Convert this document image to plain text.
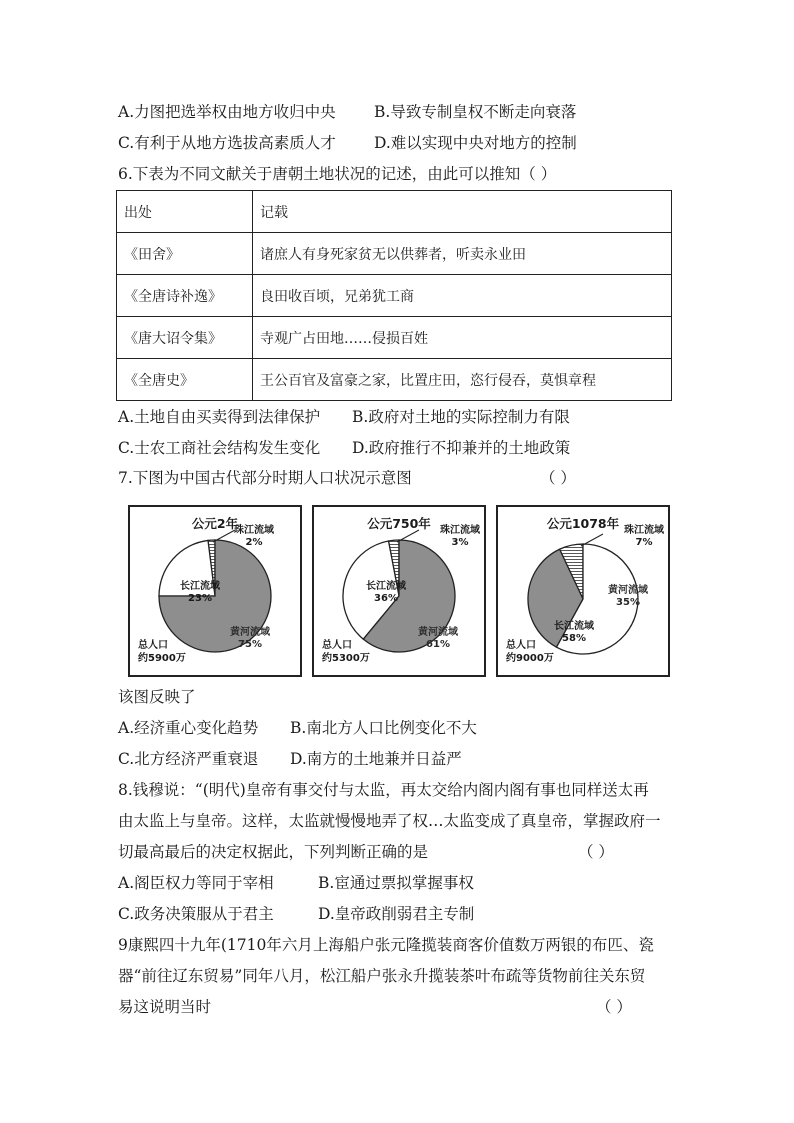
A.力图把选举权由地方收归中央 B.导致专制皇权不断走向衰落
C.有利于从地方选拔高素质人才 D.难以实现中央对地方的控制
6.下表为不同文献关于唐朝土地状况的记述，由此可以推知（ ）
出处	记载
《田舍》	诸庶人有身死家贫无以供葬者，听卖永业田
《全唐诗补逸》	良田收百顷，兄弟犹工商
《唐大诏令集》	寺观广占田地……侵损百姓
《全唐史》	王公百官及富豪之家，比置庄田，恣行侵吞，莫惧章程
A.土地自由买卖得到法律保护 B.政府对土地的实际控制力有限
C.士农工商社会结构发生变化 D.政府推行不抑兼并的土地政策
7.下图为中国古代部分时期人口状况示意图	（ ）
公元2年
总人口
约5900万
珠江流域
2%
长江流域
23%
黄河流域
75%
公元750年
总人口
约5300万
珠江流域
3%
长江流域
36%
黄河流域
61%
公元1078年
总人口
约9000万
珠江流域
7%
黄河流域
35%
长江流域
58%
该图反映了
A.经济重心变化趋势 B.南北方人口比例变化不大
C.北方经济严重衰退 D.南方的土地兼并日益严
8.钱穆说：“(明代)皇帝有事交付与太监，再太交给内阁内阁有事也同样送太再
由太监上与皇帝。这样，太监就慢慢地弄了权…太监变成了真皇帝，掌握政府一
切最高最后的决定权据此，下列判断正确的是	（ ）
A.阁臣权力等同于宰相	B.宦通过票拟掌握事权
C.政务决策服从于君主	D.皇帝政削弱君主专制
9康熙四十九年(1710年六月上海船户张元隆揽装商客价值数万两银的布匹、瓷
器“前往辽东贸易”同年八月，松江船户张永升揽装茶叶布疏等货物前往关东贸
易这说明当时	（ ）
